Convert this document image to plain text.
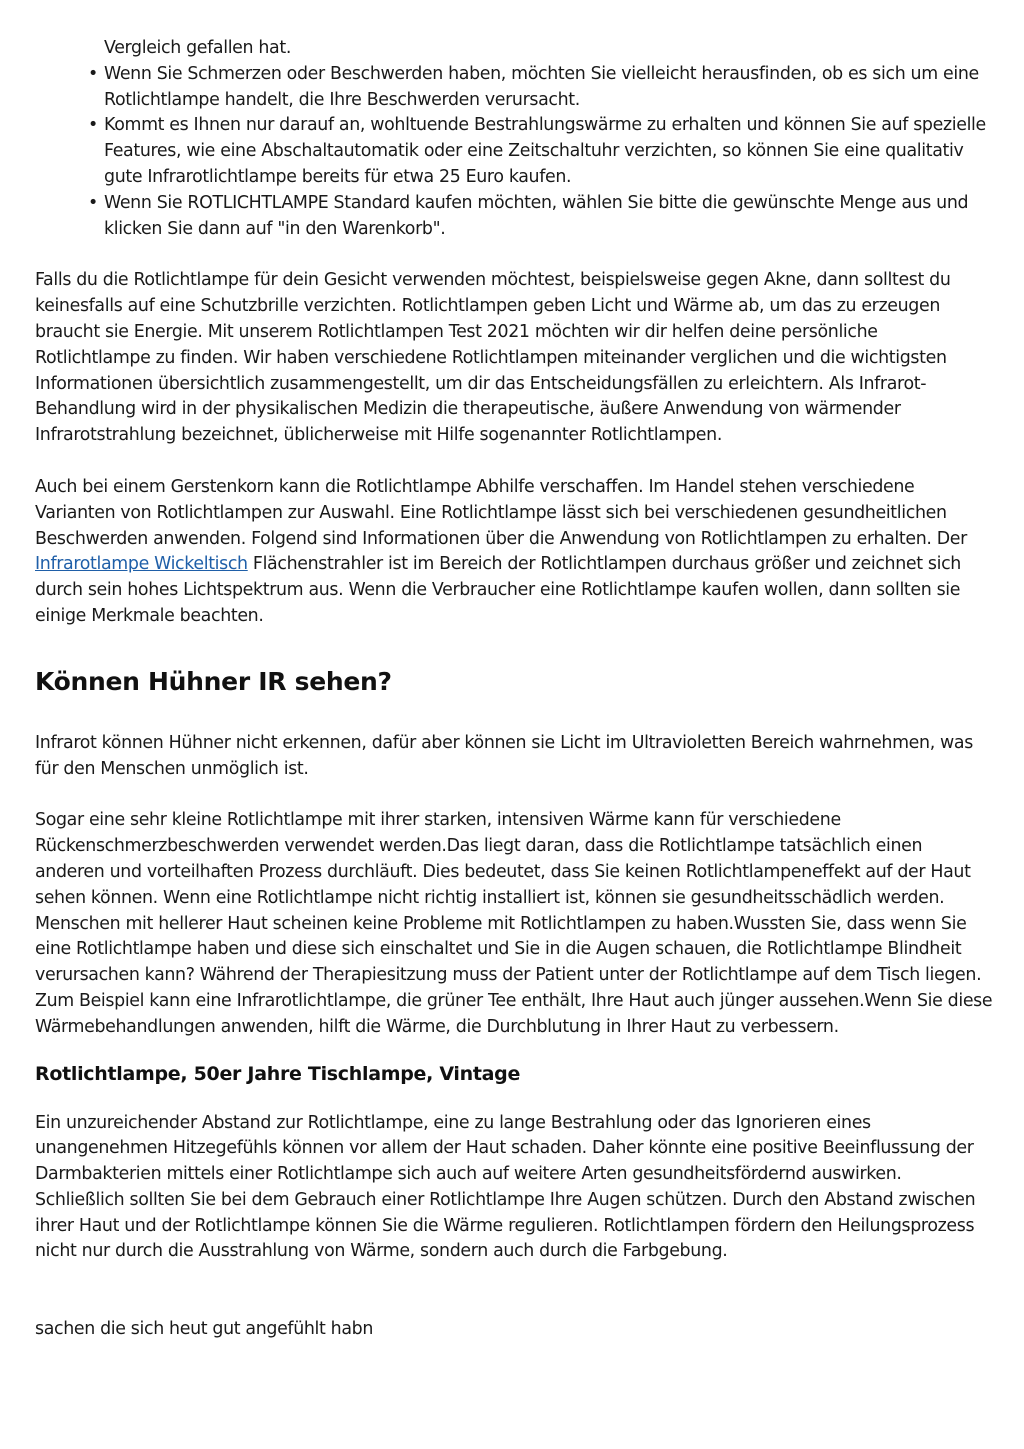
Vergleich gefallen hat.

• Wenn Sie Schmerzen oder Beschwerden haben, möchten Sie vielleicht herausfinden, ob es sich um eine Rotlichtlampe handelt, die Ihre Beschwerden verursacht.
• Kommt es Ihnen nur darauf an, wohltuende Bestrahlungswärme zu erhalten und können Sie auf spezielle Features, wie eine Abschaltautomatik oder eine Zeitschaltuhr verzichten, so können Sie eine qualitativ gute Infrarotlichtlampe bereits für etwa 25 Euro kaufen.
• Wenn Sie ROTLICHTLAMPE Standard kaufen möchten, wählen Sie bitte die gewünschte Menge aus und klicken Sie dann auf "in den Warenkorb".

Falls du die Rotlichtlampe für dein Gesicht verwenden möchtest, beispielsweise gegen Akne, dann solltest du keinesfalls auf eine Schutzbrille verzichten. Rotlichtlampen geben Licht und Wärme ab, um das zu erzeugen braucht sie Energie. Mit unserem Rotlichtlampen Test 2021 möchten wir dir helfen deine persönliche Rotlichtlampe zu finden. Wir haben verschiedene Rotlichtlampen miteinander verglichen und die wichtigsten Informationen übersichtlich zusammengestellt, um dir das Entscheidungsfällen zu erleichtern. Als Infrarot-Behandlung wird in der physikalischen Medizin die therapeutische, äußere Anwendung von wärmender Infrarotstrahlung bezeichnet, üblicherweise mit Hilfe sogenannter Rotlichtlampen.

Auch bei einem Gerstenkorn kann die Rotlichtlampe Abhilfe verschaffen. Im Handel stehen verschiedene Varianten von Rotlichtlampen zur Auswahl. Eine Rotlichtlampe lässt sich bei verschiedenen gesundheitlichen Beschwerden anwenden. Folgend sind Informationen über die Anwendung von Rotlichtlampen zu erhalten. Der Infrarotlampe Wickeltisch Flächenstrahler ist im Bereich der Rotlichtlampen durchaus größer und zeichnet sich durch sein hohes Lichtspektrum aus. Wenn die Verbraucher eine Rotlichtlampe kaufen wollen, dann sollten sie einige Merkmale beachten.

Können Hühner IR sehen?

Infrarot können Hühner nicht erkennen, dafür aber können sie Licht im Ultravioletten Bereich wahrnehmen, was für den Menschen unmöglich ist.

Sogar eine sehr kleine Rotlichtlampe mit ihrer starken, intensiven Wärme kann für verschiedene Rückenschmerzbeschwerden verwendet werden.Das liegt daran, dass die Rotlichtlampe tatsächlich einen anderen und vorteilhaften Prozess durchläuft. Dies bedeutet, dass Sie keinen Rotlichtlampeneffekt auf der Haut sehen können. Wenn eine Rotlichtlampe nicht richtig installiert ist, können sie gesundheitsschädlich werden. Menschen mit hellerer Haut scheinen keine Probleme mit Rotlichtlampen zu haben.Wussten Sie, dass wenn Sie eine Rotlichtlampe haben und diese sich einschaltet und Sie in die Augen schauen, die Rotlichtlampe Blindheit verursachen kann? Während der Therapiesitzung muss der Patient unter der Rotlichtlampe auf dem Tisch liegen. Zum Beispiel kann eine Infrarotlichtlampe, die grüner Tee enthält, Ihre Haut auch jünger aussehen.Wenn Sie diese Wärmebehandlungen anwenden, hilft die Wärme, die Durchblutung in Ihrer Haut zu verbessern.

Rotlichtlampe, 50er Jahre Tischlampe, Vintage

Ein unzureichender Abstand zur Rotlichtlampe, eine zu lange Bestrahlung oder das Ignorieren eines unangenehmen Hitzegefühls können vor allem der Haut schaden. Daher könnte eine positive Beeinflussung der Darmbakterien mittels einer Rotlichtlampe sich auch auf weitere Arten gesundheitsfördernd auswirken. Schließlich sollten Sie bei dem Gebrauch einer Rotlichtlampe Ihre Augen schützen. Durch den Abstand zwischen ihrer Haut und der Rotlichtlampe können Sie die Wärme regulieren. Rotlichtlampen fördern den Heilungsprozess nicht nur durch die Ausstrahlung von Wärme, sondern auch durch die Farbgebung.

sachen die sich heut gut angefühlt habn
